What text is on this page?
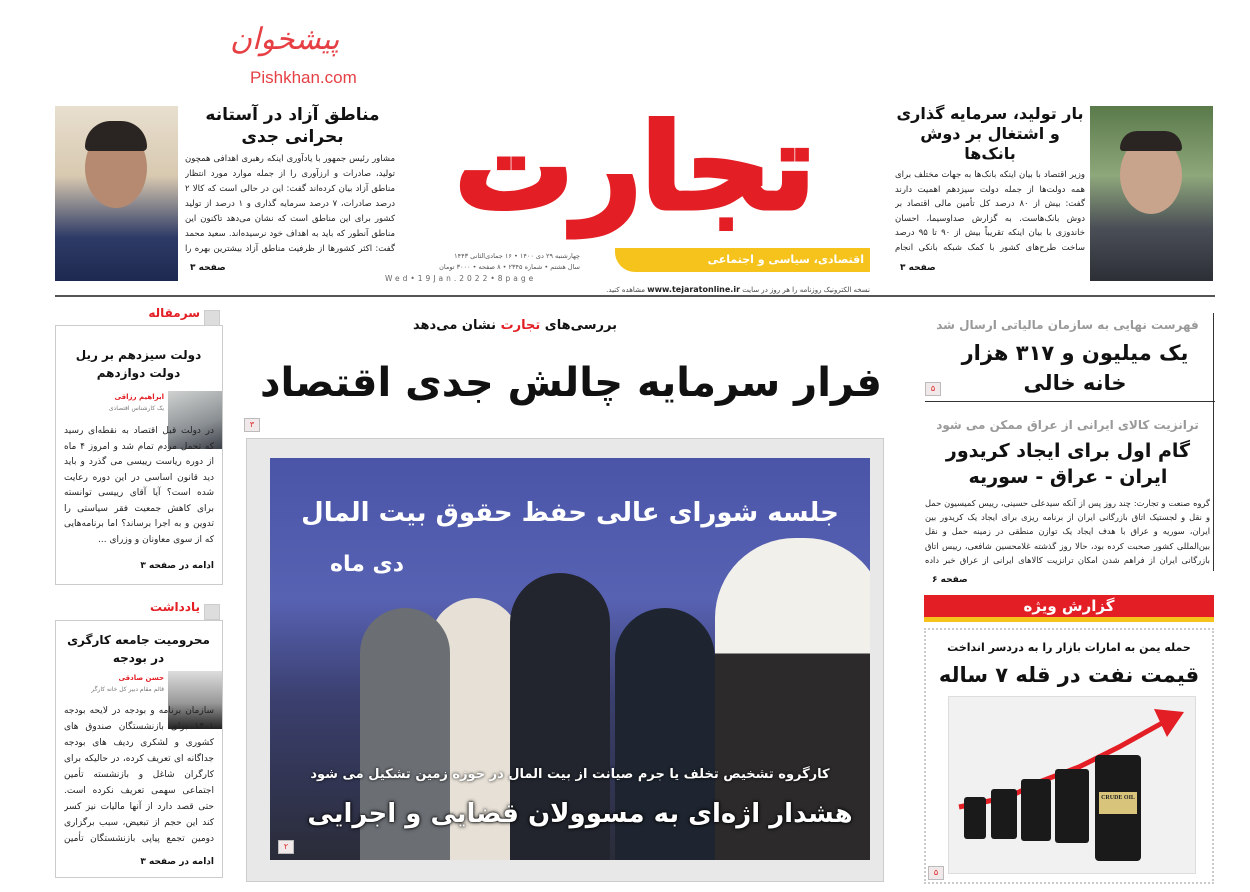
پیشخوان
Pishkhan.com
مناطق آزاد در آستانه بحرانی جدی
مشاور رئیس جمهور با یادآوری اینکه رهبری اهدافی همچون تولید، صادرات و ارزآوری را از جمله موارد مورد انتظار مناطق آزاد بیان کرده‌اند گفت: این در حالی است که کالا ۲ درصد صادرات، ۷ درصد سرمایه گذاری و ۱ درصد از تولید کشور برای این مناطق است که نشان می‌دهد تاکنون این مناطق آنطور که باید به اهداف خود نرسیده‌اند. سعید محمد گفت: اکثر کشورها از ظرفیت مناطق آزاد بیشترین بهره را
صفحه ۳
تجارت
اقتصادی، سیاسی و اجتماعی
چهارشنبه ۲۹ دی ۱۴۰۰ • ۱۶ جمادی‌الثانی ۱۴۴۳
سال هشتم • شماره ۲۳۴۵ • ۸ صفحه • ۳۰۰۰ تومان
Wed•19Jan.2022•8page
نسخه الکترونیک روزنامه را هر روز در سایت www.tejaratonline.ir مشاهده کنید.
بار تولید، سرمایه گذاری و اشتغال بر دوش بانک‌ها
وزیر اقتصاد با بیان اینکه بانک‌ها به جهات مختلف برای همه دولت‌ها از جمله دولت سیزدهم اهمیت دارند گفت: بیش از ۸۰ درصد کل تأمین مالی اقتصاد بر دوش بانک‌هاست. به گزارش صداوسیما، احسان خاندوزی با بیان اینکه تقریباً بیش از ۹۰ تا ۹۵ درصد ساخت طرح‌های کشور با کمک شبکه بانکی انجام
صفحه ۳
سرمقاله
دولت سیزدهم بر ریل دولت دوازدهم
ابراهیم رزاقی
یک کارشناس اقتصادی
در دولت قبل اقتصاد به نقطه‌ای رسید که تحمل مردم تمام شد و امروز ۴ ماه از دوره ریاست رییسی می گذرد و باید دید قانون اساسی در این دوره رعایت شده است؟ آیا آقای رییسی توانسته برای کاهش جمعیت فقر سیاستی را تدوین و به اجرا برساند؟ اما برنامه‌هایی که از سوی معاونان و وزرای ...
ادامه در صفحه ۳
یادداشت
محرومیت جامعه کارگری در بودجه
حسن صادقی
قائم مقام دبیر کل خانه کارگر
سازمان برنامه و بودجه در لایحه بودجه ۱۴۰۱ برای بازنشستگان صندوق های کشوری و لشکری ردیف های بودجه جداگانه ای تعریف کرده، در حالیکه برای کارگران شاغل و بازنشسته تأمین اجتماعی سهمی تعریف نکرده است. حتی قصد دارد از آنها مالیات نیز کسر کند این حجم از تبعیض، سبب برگزاری دومین تجمع پیاپی بازنشستگان تأمین
ادامه در صفحه ۳
بررسی‌های تجارت نشان می‌دهد
فرار سرمایه چالش جدی اقتصاد
۳
جلسه شورای عالی حفظ حقوق بیت المال
دی ماه
کارگروه تشخیص تخلف یا جرم صیانت از بیت المال در حوزه زمین تشکیل می شود
هشدار اژه‌ای به مسوولان قضایی و اجرایی
۲
فهرست نهایی به سازمان مالیاتی ارسال شد
یک میلیون و ۳۱۷ هزار خانه خالی
۵
ترانزیت کالای ایرانی از عراق ممکن می شود
گام اول برای ایجاد کریدور ایران - عراق - سوریه
گروه صنعت و تجارت: چند روز پس از آنکه سیدعلی حسینی، رییس کمیسیون حمل و نقل و لجستیک اتاق بازرگانی ایران از برنامه ریزی برای ایجاد یک کریدور بین ایران، سوریه و عراق با هدف ایجاد یک توازن منطقی در زمینه حمل و نقل بین‌المللی کشور صحبت کرده بود، حالا روز گذشته غلامحسین شافعی، رییس اتاق بازرگانی ایران از فراهم شدن امکان ترانزیت کالاهای ایرانی از عراق خبر داده
صفحه ۶
گزارش ویژه
حمله یمن به امارات بازار را به دردسر انداخت
قیمت نفت در قله ۷ ساله
CRUDE OIL
۵
